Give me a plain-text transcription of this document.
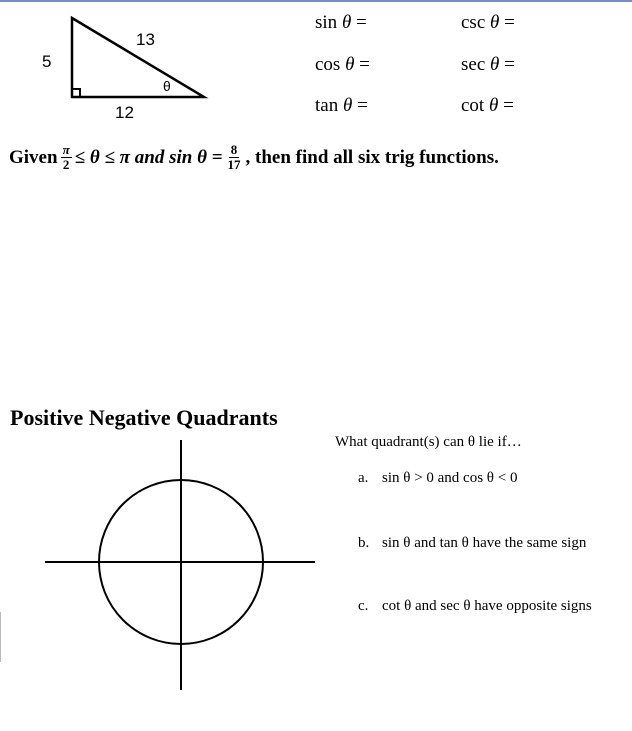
5
13
12
θ
sin θ =
cos θ =
tan θ =
csc θ =
sec θ =
cot θ =
Given $\frac{\pi}{2} \le \theta \le \pi$ and $\sin \theta = \frac{8}{17}$ , then find all six trig functions.
Positive Negative Quadrants
What quadrant(s) can θ lie if…
a. sin θ > 0 and cos θ < 0
b. sin θ and tan θ have the same sign
c. cot θ and sec θ have opposite signs
